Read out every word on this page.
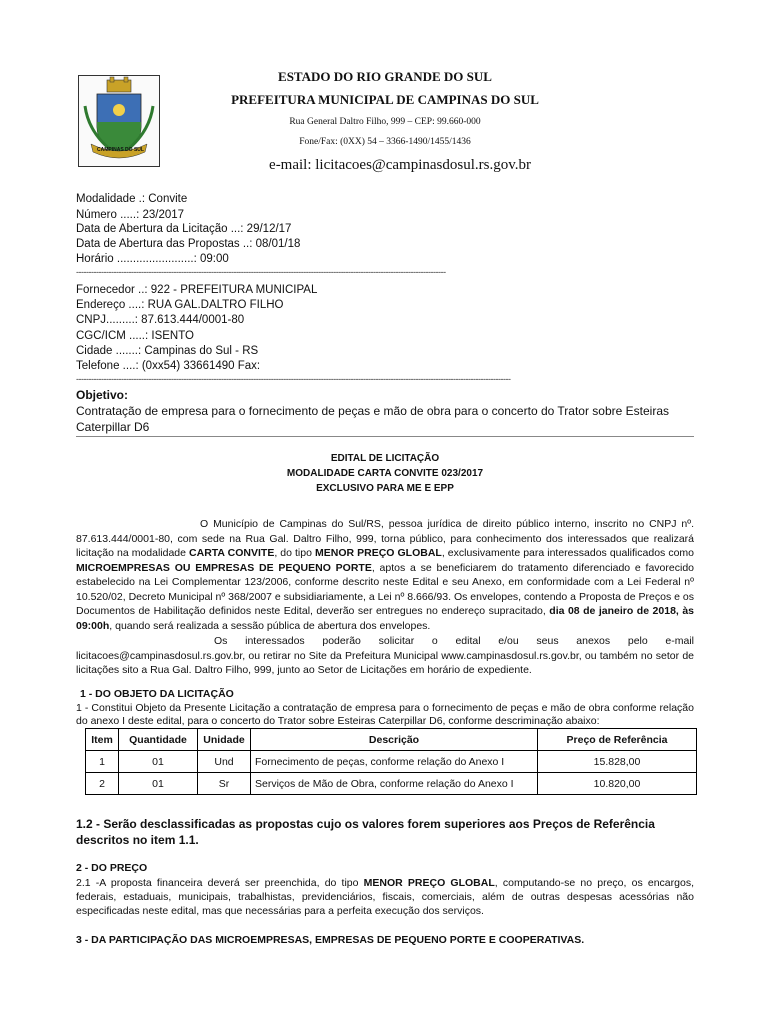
CAMPINAS DO SUL
ESTADO DO RIO GRANDE DO SUL
PREFEITURA MUNICIPAL DE CAMPINAS DO SUL
Rua General Daltro Filho, 999 – CEP: 99.660-000
Fone/Fax: (0XX) 54 – 3366-1490/1455/1436
e-mail: licitacoes@campinasdosul.rs.gov.br
Modalidade .: Convite
Número .....: 23/2017
Data de Abertura da Licitação ...: 29/12/17
Data de Abertura das Propostas ..: 08/01/18
Horário ........................: 09:00
----------------------------------------------------------------------------------------------------------------------------------------------------
Fornecedor ..: 922 - PREFEITURA MUNICIPAL
Endereço ....: RUA GAL.DALTRO FILHO
CNPJ.........: 87.613.444/0001-80
CGC/ICM .....: ISENTO
Cidade .......: Campinas do Sul - RS
Telefone ....: (0xx54) 33661490 Fax:
------------------------------------------------------------------------------------------------------------------------------------------------------------------------------
Objetivo:
Contratação de empresa para o fornecimento de peças e mão de obra para o concerto do Trator sobre Esteiras Caterpillar D6
EDITAL DE LICITAÇÃO
MODALIDADE CARTA CONVITE 023/2017
EXCLUSIVO PARA ME E EPP
O Município de Campinas do Sul/RS, pessoa jurídica de direito público interno, inscrito no CNPJ nº. 87.613.444/0001-80, com sede na Rua Gal. Daltro Filho, 999, torna público, para conhecimento dos interessados que realizará licitação na modalidade CARTA CONVITE, do tipo MENOR PREÇO GLOBAL, exclusivamente para interessados qualificados como MICROEMPRESAS OU EMPRESAS DE PEQUENO PORTE, aptos a se beneficiarem do tratamento diferenciado e favorecido estabelecido na Lei Complementar 123/2006, conforme descrito neste Edital e seu Anexo, em conformidade com a Lei Federal nº 10.520/02, Decreto Municipal nº 368/2007 e subsidiariamente, a Lei nº 8.666/93. Os envelopes, contendo a Proposta de Preços e os Documentos de Habilitação definidos neste Edital, deverão ser entregues no endereço supracitado, dia 08 de janeiro de 2018, às 09:00h, quando será realizada a sessão pública de abertura dos envelopes.
Os interessados poderão solicitar o edital e/ou seus anexos pelo e-mail licitacoes@campinasdosul.rs.gov.br, ou retirar no Site da Prefeitura Municipal www.campinasdosul.rs.gov.br, ou também no setor de licitações sito a Rua Gal. Daltro Filho, 999, junto ao Setor de Licitações em horário de expediente.
1 - DO OBJETO DA LICITAÇÃO
1 - Constitui Objeto da Presente Licitação a contratação de empresa para o fornecimento de peças e mão de obra conforme relação do anexo I deste edital, para o concerto do Trator sobre Esteiras Caterpillar D6, conforme descriminação abaixo:
Item	Quantidade	Unidade	Descrição	Preço de Referência
1	01	Und	Fornecimento de peças, conforme relação do Anexo I	15.828,00
2	01	Sr	Serviços de Mão de Obra, conforme relação do Anexo I	10.820,00
1.2 - Serão desclassificadas as propostas cujo os valores forem superiores aos Preços de Referência descritos no item 1.1.
2 - DO PREÇO
2.1 -A proposta financeira deverá ser preenchida, do tipo MENOR PREÇO GLOBAL, computando-se no preço, os encargos, federais, estaduais, municipais, trabalhistas, previdenciários, fiscais, comerciais, além de outras despesas acessórias não especificadas neste edital, mas que necessárias para a perfeita execução dos serviços.
3 - DA PARTICIPAÇÃO DAS MICROEMPRESAS, EMPRESAS DE PEQUENO PORTE E COOPERATIVAS.
